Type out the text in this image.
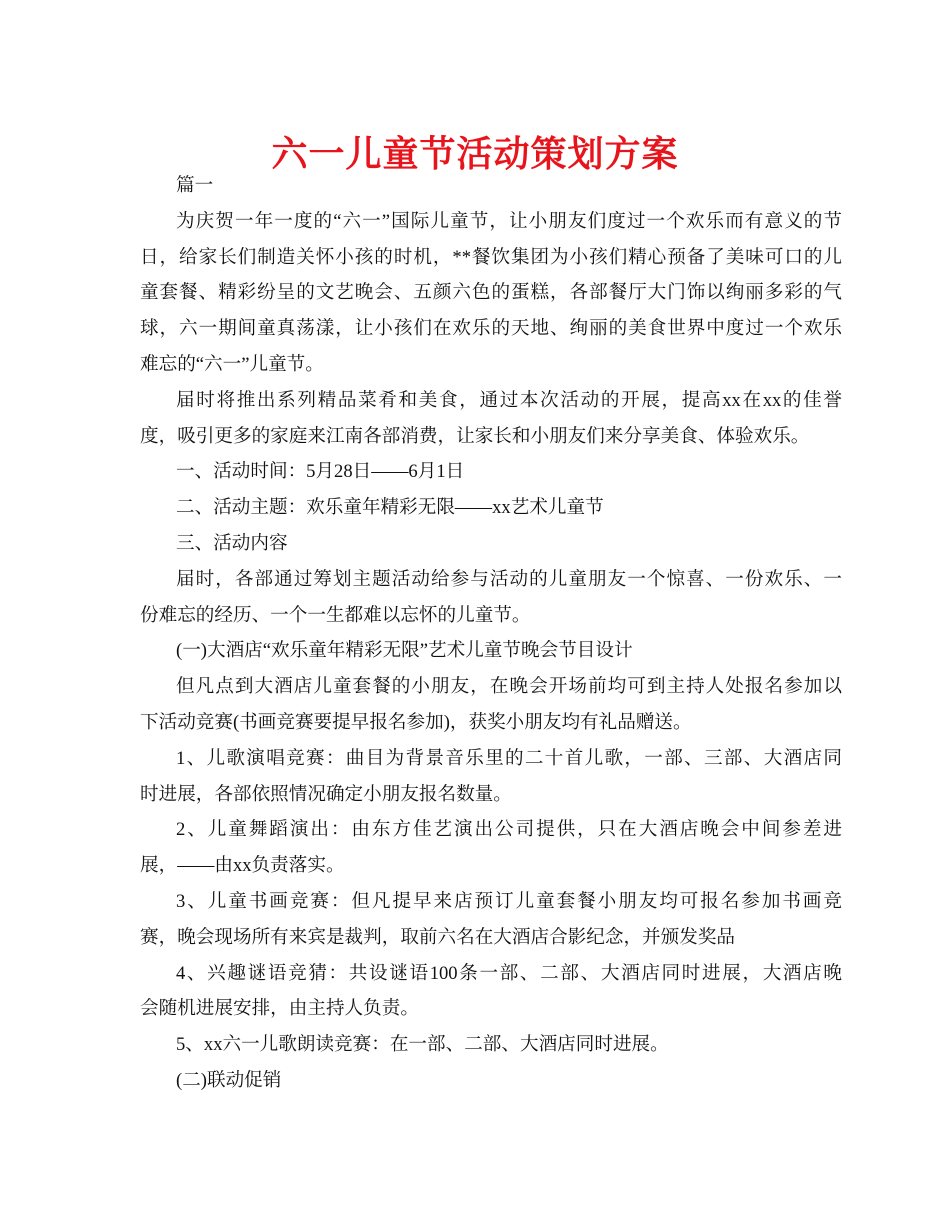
六一儿童节活动策划方案
篇一
为庆贺一年一度的“六一”国际儿童节，让小朋友们度过一个欢乐而有意义的节
日，给家长们制造关怀小孩的时机，**餐饮集团为小孩们精心预备了美味可口的儿
童套餐、精彩纷呈的文艺晚会、五颜六色的蛋糕，各部餐厅大门饰以绚丽多彩的气
球，六一期间童真荡漾，让小孩们在欢乐的天地、绚丽的美食世界中度过一个欢乐
难忘的“六一”儿童节。
届时将推出系列精品菜肴和美食，通过本次活动的开展，提高xx在xx的佳誉
度，吸引更多的家庭来江南各部消费，让家长和小朋友们来分享美食、体验欢乐。
一、活动时间：5月28日——6月1日
二、活动主题：欢乐童年精彩无限——xx艺术儿童节
三、活动内容
届时，各部通过筹划主题活动给参与活动的儿童朋友一个惊喜、一份欢乐、一
份难忘的经历、一个一生都难以忘怀的儿童节。
(一)大酒店“欢乐童年精彩无限”艺术儿童节晚会节目设计
但凡点到大酒店儿童套餐的小朋友，在晚会开场前均可到主持人处报名参加以
下活动竞赛(书画竞赛要提早报名参加)，获奖小朋友均有礼品赠送。
1、儿歌演唱竞赛：曲目为背景音乐里的二十首儿歌，一部、三部、大酒店同
时进展，各部依照情况确定小朋友报名数量。
2、儿童舞蹈演出：由东方佳艺演出公司提供，只在大酒店晚会中间参差进
展，——由xx负责落实。
3、儿童书画竞赛：但凡提早来店预订儿童套餐小朋友均可报名参加书画竞
赛，晚会现场所有来宾是裁判，取前六名在大酒店合影纪念，并颁发奖品
4、兴趣谜语竞猜：共设谜语100条一部、二部、大酒店同时进展，大酒店晚
会随机进展安排，由主持人负责。
5、xx六一儿歌朗读竞赛：在一部、二部、大酒店同时进展。
(二)联动促销
